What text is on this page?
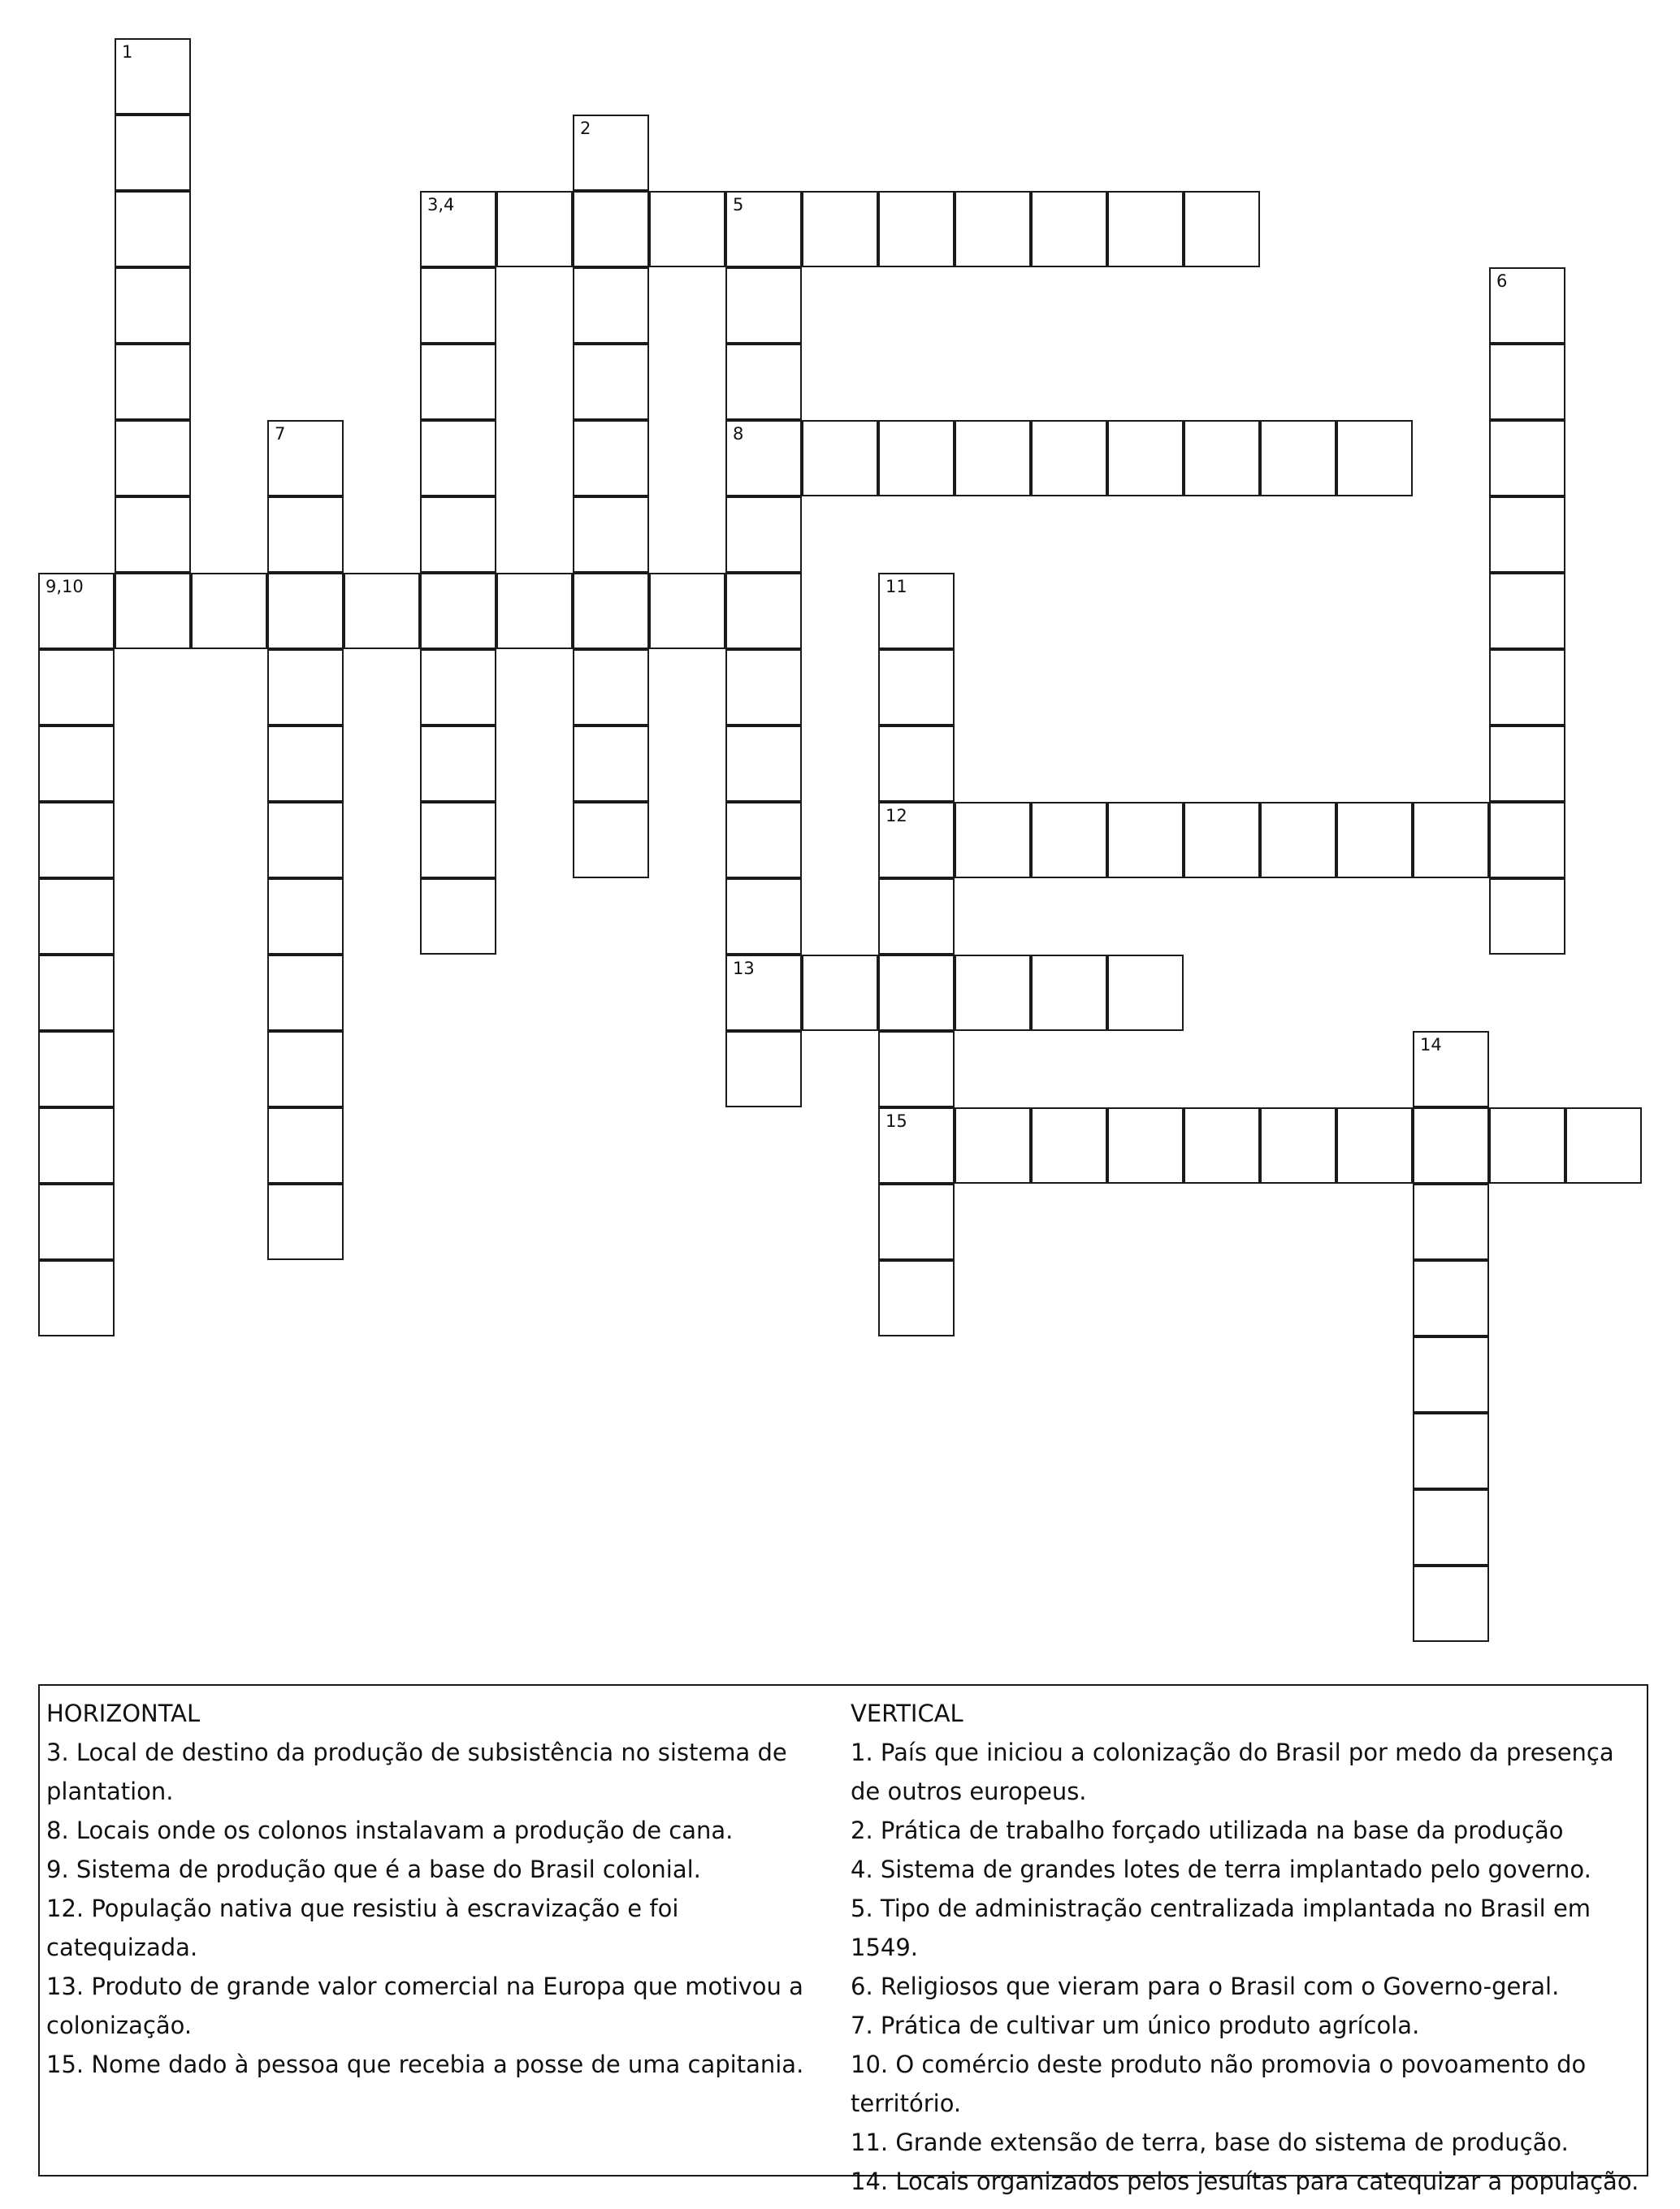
1
2
3,4	5
8
13
6
7
9,10	11
12
15
14
HORIZONTAL
3. Local de destino da produção de subsistência no sistema de plantation.
8. Locais onde os colonos instalavam a produção de cana.
9. Sistema de produção que é a base do Brasil colonial.
12. População nativa que resistiu à escravização e foi catequizada.
13. Produto de grande valor comercial na Europa que motivou a colonização.
15. Nome dado à pessoa que recebia a posse de uma capitania.
VERTICAL
1. País que iniciou a colonização do Brasil por medo da presença de outros europeus.
2. Prática de trabalho forçado utilizada na base da produção
4. Sistema de grandes lotes de terra implantado pelo governo.
5. Tipo de administração centralizada implantada no Brasil em 1549.
6. Religiosos que vieram para o Brasil com o Governo-geral.
7. Prática de cultivar um único produto agrícola.
10. O comércio deste produto não promovia o povoamento do território.
11. Grande extensão de terra, base do sistema de produção.
14. Locais organizados pelos jesuítas para catequizar a população.
